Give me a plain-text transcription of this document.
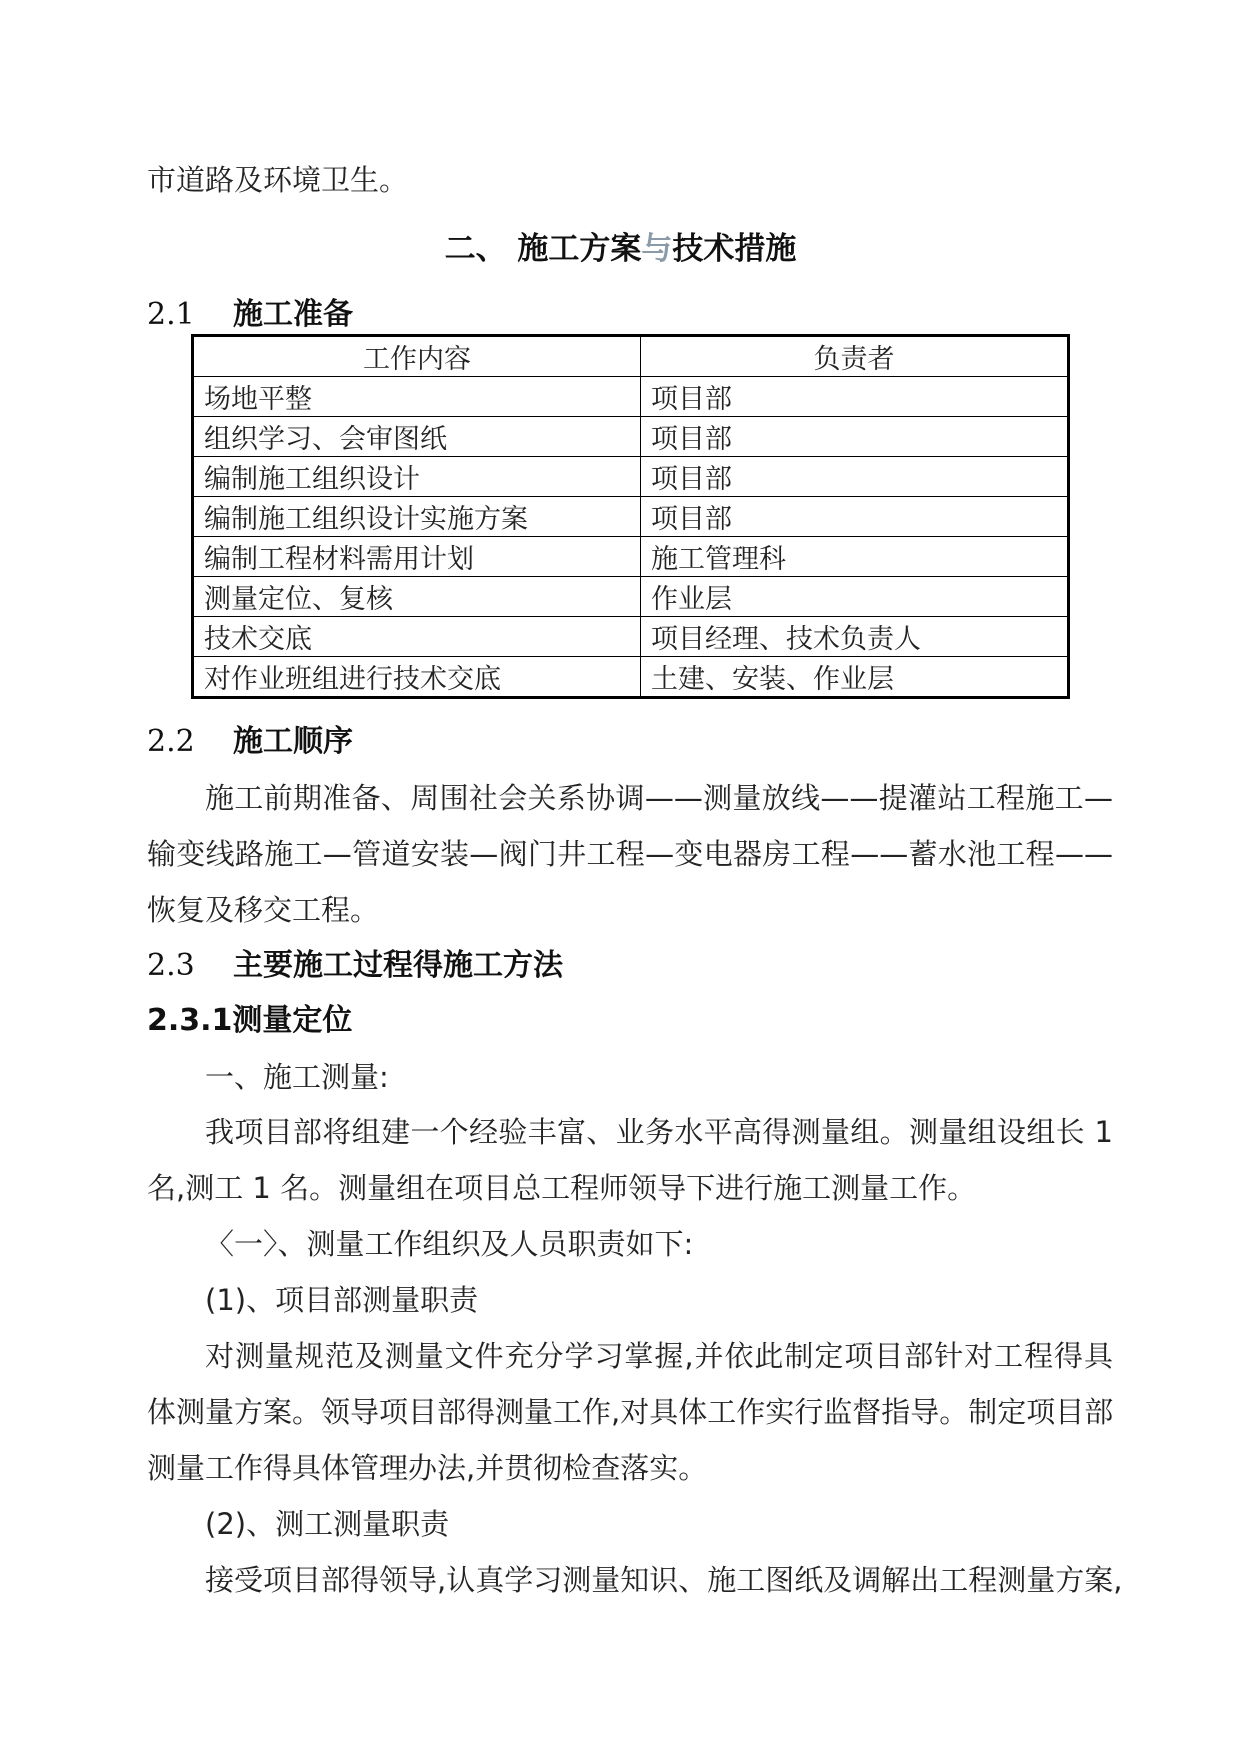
市道路及环境卫生。
二、 施工方案与技术措施
2.1 施工准备
工作内容	负责者
场地平整	项目部
组织学习、会审图纸	项目部
编制施工组织设计	项目部
编制施工组织设计实施方案	项目部
编制工程材料需用计划	施工管理科
测量定位、复核	作业层
技术交底	项目经理、技术负责人
对作业班组进行技术交底	土建、安装、作业层
2.2 施工顺序
施工前期准备、周围社会关系协调——测量放线——提灌站工程施工—
输变线路施工—管道安装—阀门井工程—变电器房工程——蓄水池工程——
恢复及移交工程。
2.3 主要施工过程得施工方法
2.3.1测量定位
一、施工测量:
我项目部将组建一个经验丰富、业务水平高得测量组。测量组设组长 1
名,测工 1 名。测量组在项目总工程师领导下进行施工测量工作。
〈一〉、测量工作组织及人员职责如下:
(1)、项目部测量职责
对测量规范及测量文件充分学习掌握,并依此制定项目部针对工程得具
体测量方案。领导项目部得测量工作,对具体工作实行监督指导。制定项目部
测量工作得具体管理办法,并贯彻检查落实。
(2)、测工测量职责
接受项目部得领导,认真学习测量知识、施工图纸及调解出工程测量方案,
